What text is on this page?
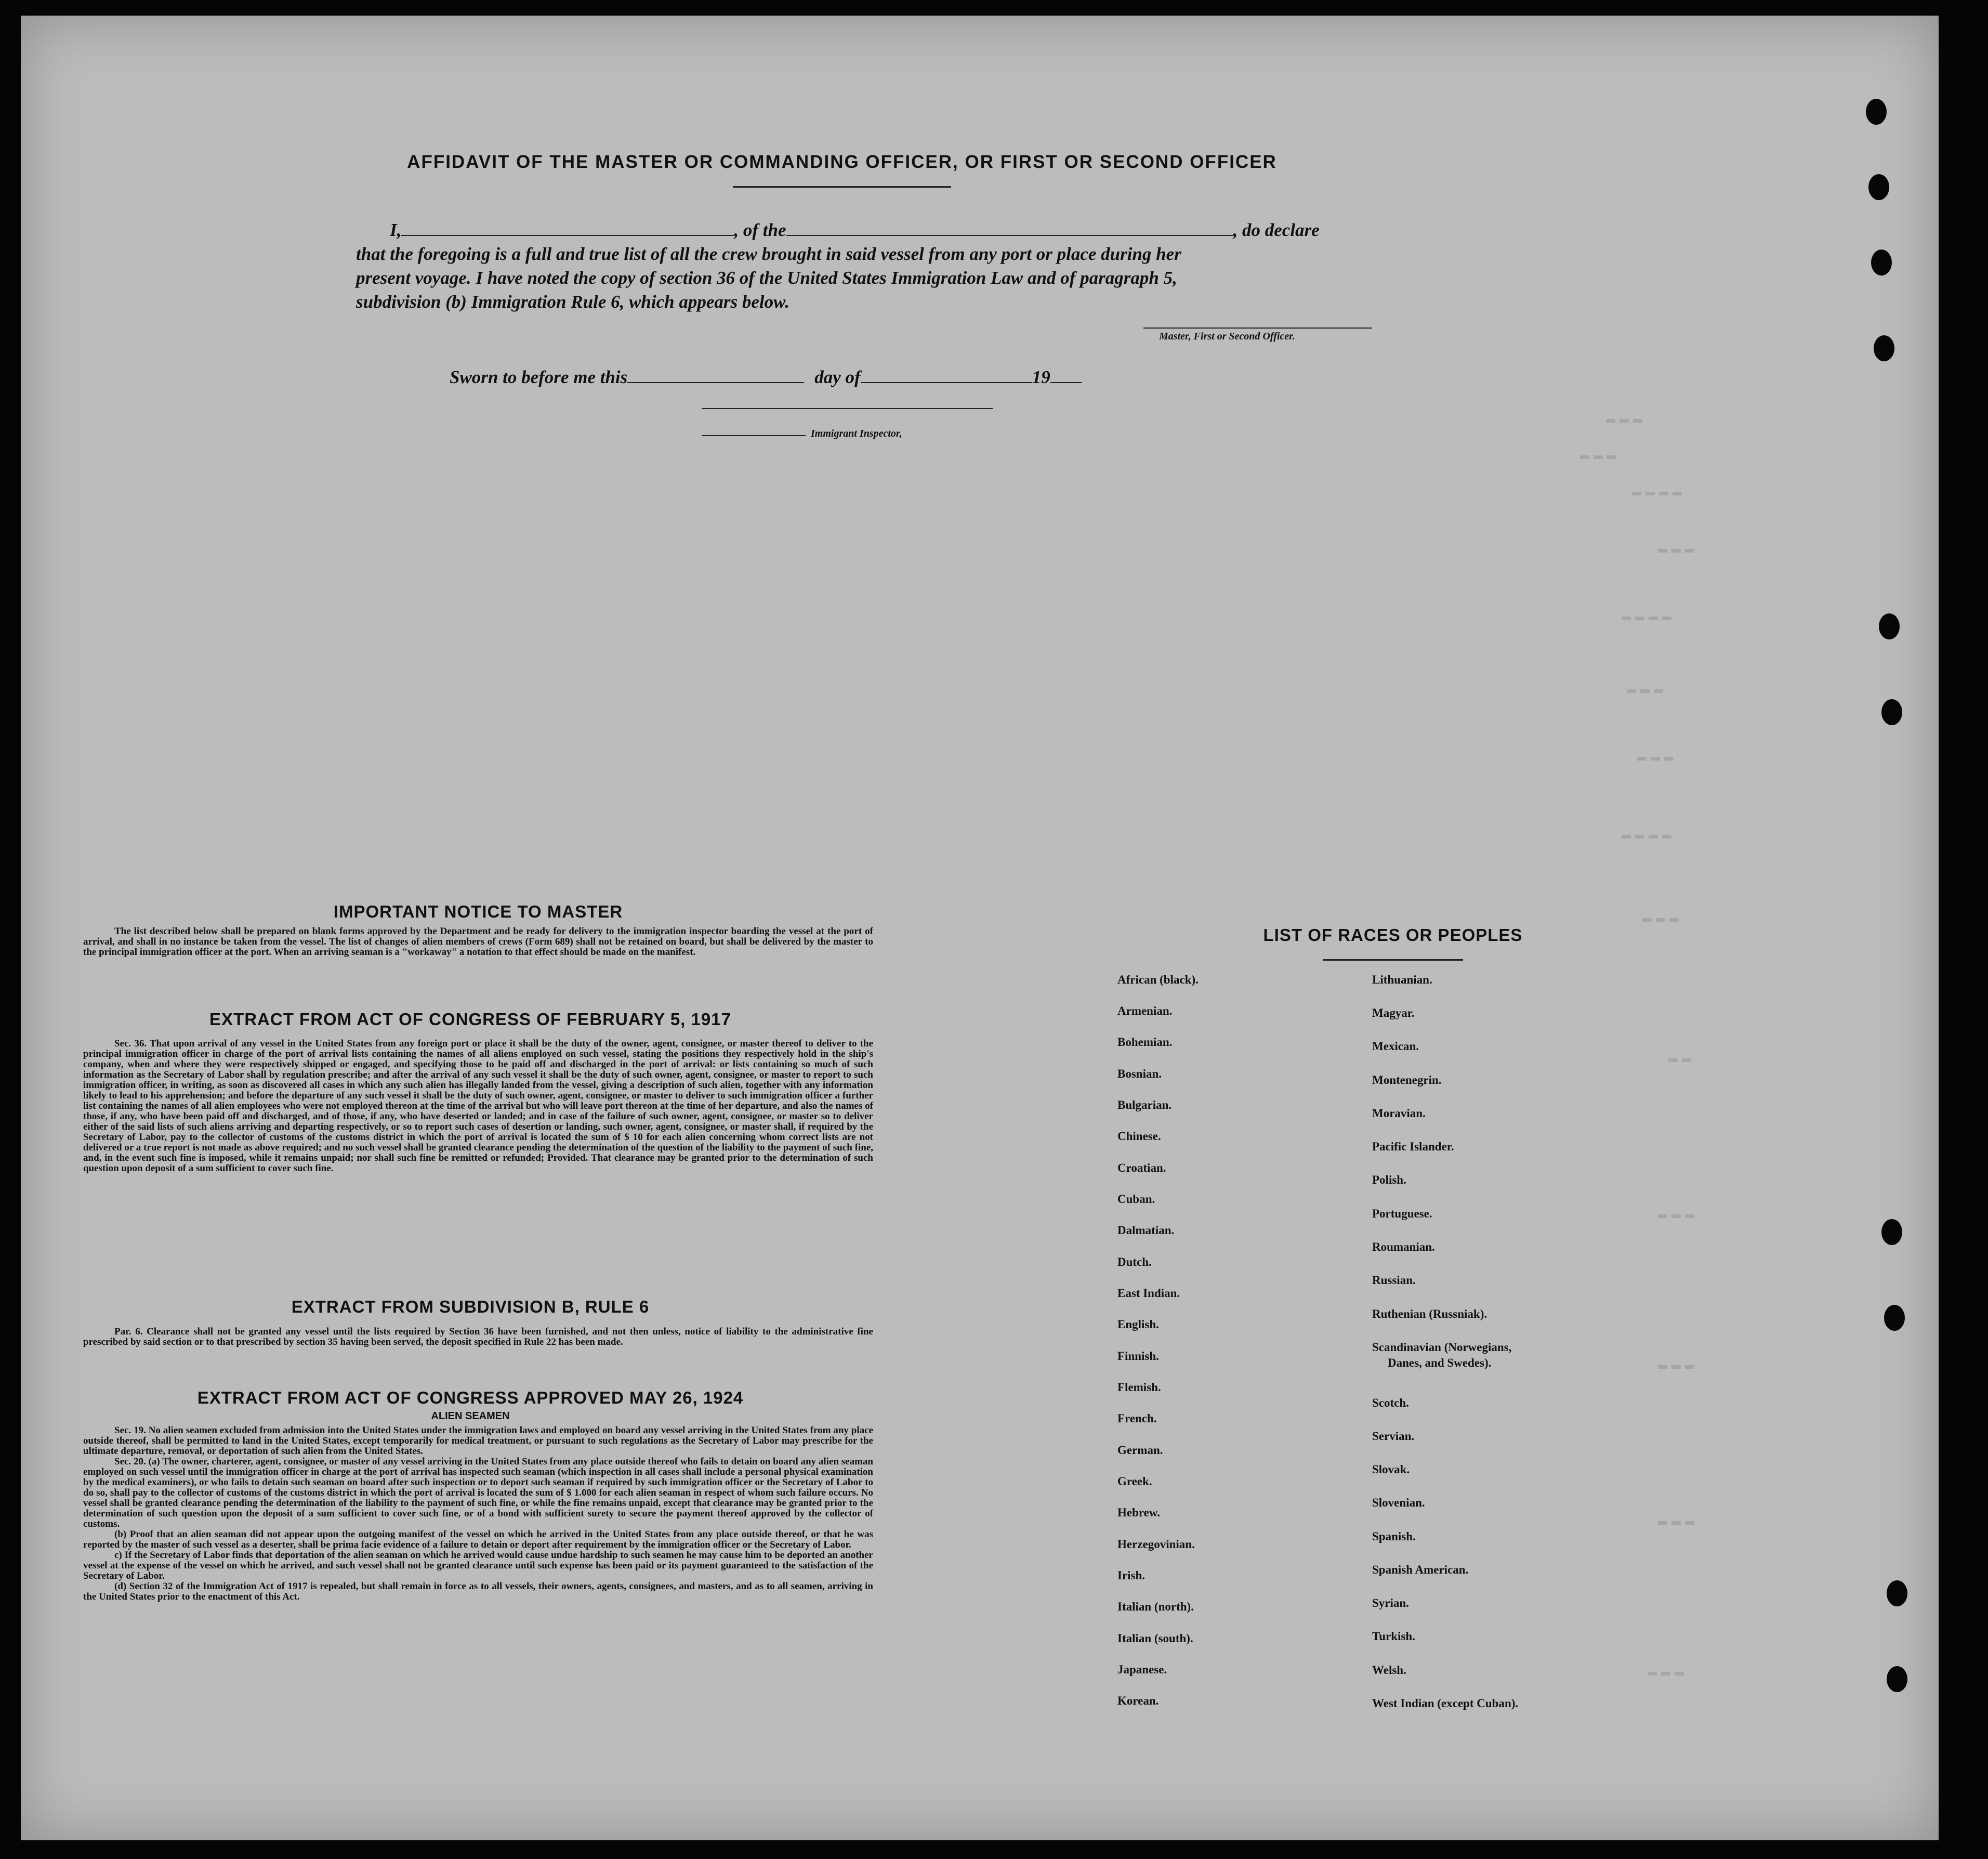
▬▬▬
▬▬▬
▬▬▬▬
▬▬▬
▬▬▬▬
▬▬▬
▬▬▬
▬▬▬▬
▬▬▬
▬▬
▬▬▬
▬▬▬
▬▬▬
▬▬▬
AFFIDAVIT OF THE MASTER OR COMMANDING OFFICER, OR FIRST OR SECOND OFFICER
I,	, of the	, do declare
that the foregoing is a full and true list of all the crew brought in said vessel from any port or place during her
present voyage. I have noted the copy of section 36 of the United States Immigration Law and of paragraph 5,
subdivision (b) Immigration Rule 6, which appears below.
Master, First or Second Officer.
Sworn to before me this	day of	19
Immigrant Inspector,
IMPORTANT NOTICE TO MASTER

The list described below shall be prepared on blank forms approved by the Department and be ready for delivery to the immigration inspector boarding the vessel at the port of arrival, and shall in no instance be taken from the vessel. The list of changes of alien members of crews (Form 689) shall not be retained on board, but shall be delivered by the master to the principal immigration officer at the port. When an arriving seaman is a "workaway" a notation to that effect should be made on the manifest.

EXTRACT FROM ACT OF CONGRESS OF FEBRUARY 5, 1917

Sec. 36. That upon arrival of any vessel in the United States from any foreign port or place it shall be the duty of the owner, agent, consignee, or master thereof to deliver to the principal immigration officer in charge of the port of arrival lists containing the names of all aliens employed on such vessel, stating the positions they respectively hold in the ship's company, when and where they were respectively shipped or engaged, and specifying those to be paid off and discharged in the port of arrival: or lists containing so much of such information as the Secretary of Labor shall by regulation prescribe; and after the arrival of any such vessel it shall be the duty of such owner, agent, consignee, or master to report to such immigration officer, in writing, as soon as discovered all cases in which any such alien has illegally landed from the vessel, giving a description of such alien, together with any information likely to lead to his apprehension; and before the departure of any such vessel it shall be the duty of such owner, agent, consignee, or master to deliver to such immigration officer a further list containing the names of all alien employees who were not employed thereon at the time of the arrival but who will leave port thereon at the time of her departure, and also the names of those, if any, who have been paid off and discharged, and of those, if any, who have deserted or landed; and in case of the failure of such owner, agent, consignee, or master so to deliver either of the said lists of such aliens arriving and departing respectively, or so to report such cases of desertion or landing, such owner, agent, consignee, or master shall, if required by the Secretary of Labor, pay to the collector of customs of the customs district in which the port of arrival is located the sum of $ 10 for each alien concerning whom correct lists are not delivered or a true report is not made as above required; and no such vessel shall be granted clearance pending the determination of the question of the liability to the payment of such fine, and, in the event such fine is imposed, while it remains unpaid; nor shall such fine be remitted or refunded; Provided. That clearance may be granted prior to the determination of such question upon deposit of a sum sufficient to cover such fine.

EXTRACT FROM SUBDIVISION B, RULE 6

Par. 6. Clearance shall not be granted any vessel until the lists required by Section 36 have been furnished, and not then unless, notice of liability to the administrative fine prescribed by said section or to that prescribed by section 35 having been served, the deposit specified in Rule 22 has been made.

EXTRACT FROM ACT OF CONGRESS APPROVED MAY 26, 1924
ALIEN SEAMEN

Sec. 19. No alien seamen excluded from admission into the United States under the immigration laws and employed on board any vessel arriving in the United States from any place outside thereof, shall be permitted to land in the United States, except temporarily for medical treatment, or pursuant to such regulations as the Secretary of Labor may prescribe for the ultimate departure, removal, or deportation of such alien from the United States.

Sec. 20. (a) The owner, charterer, agent, consignee, or master of any vessel arriving in the United States from any place outside thereof who fails to detain on board any alien seaman employed on such vessel until the immigration officer in charge at the port of arrival has inspected such seaman (which inspection in all cases shall include a personal physical examination by the medical examiners), or who fails to detain such seaman on board after such inspection or to deport such seaman if required by such immigration officer or the Secretary of Labor to do so, shall pay to the collector of customs of the customs district in which the port of arrival is located the sum of $ 1.000 for each alien seaman in respect of whom such failure occurs. No vessel shall be granted clearance pending the determination of the liability to the payment of such fine, or while the fine remains unpaid, except that clearance may be granted prior to the determination of such question upon the deposit of a sum sufficient to cover such fine, or of a bond with sufficient surety to secure the payment thereof approved by the collector of customs.

(b) Proof that an alien seaman did not appear upon the outgoing manifest of the vessel on which he arrived in the United States from any place outside thereof, or that he was reported by the master of such vessel as a deserter, shall be prima facie evidence of a failure to detain or deport after requirement by the immigration officer or the Secretary of Labor.

c) If the Secretary of Labor finds that deportation of the alien seaman on which he arrived would cause undue hardship to such seamen he may cause him to be deported an another vessel at the expense of the vessel on which he arrived, and such vessel shall not be granted clearance until such expense has been paid or its payment guaranteed to the satisfaction of the Secretary of Labor.

(d) Section 32 of the Immigration Act of 1917 is repealed, but shall remain in force as to all vessels, their owners, agents, consignees, and masters, and as to all seamen, arriving in the United States prior to the enactment of this Act.

LIST OF RACES OR PEOPLES
African (black).
Armenian.
Bohemian.
Bosnian.
Bulgarian.
Chinese.
Croatian.
Cuban.
Dalmatian.
Dutch.
East Indian.
English.
Finnish.
Flemish.
French.
German.
Greek.
Hebrew.
Herzegovinian.
Irish.
Italian (north).
Italian (south).
Japanese.
Korean.
Lithuanian.
Magyar.
Mexican.
Montenegrin.
Moravian.
Pacific Islander.
Polish.
Portuguese.
Roumanian.
Russian.
Ruthenian (Russniak).
Scandinavian (Norwegians,
Danes, and Swedes).
Scotch.
Servian.
Slovak.
Slovenian.
Spanish.
Spanish American.
Syrian.
Turkish.
Welsh.
West Indian (except Cuban).
